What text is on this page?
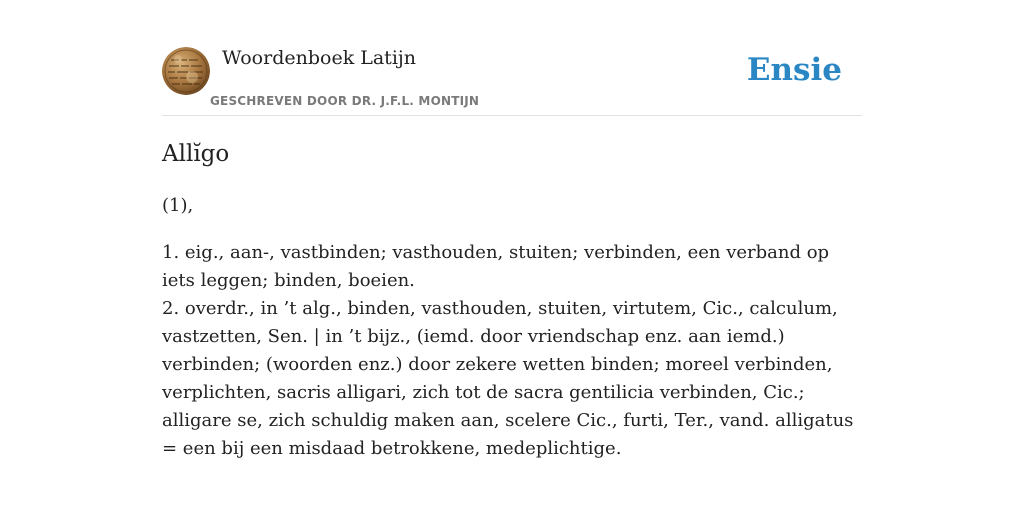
Woordenboek Latijn
GESCHREVEN DOOR DR. J.F.L. MONTIJN
Ensie
Allĭgo
(1),

1. eig., aan-, vastbinden; vasthouden, stuiten; verbinden, een verband op iets leggen; binden, boeien.

2. overdr., in ’t alg., binden, vasthouden, stuiten, virtutem, Cic., calculum, vastzetten, Sen. | in ’t bijz., (iemd. door vriendschap enz. aan iemd.) verbinden; (woorden enz.) door zekere wetten binden; moreel verbinden, verplichten, sacris alligari, zich tot de sacra gentilicia verbinden, Cic.; alligare se, zich schuldig maken aan, scelere Cic., furti, Ter., vand. alligatus = een bij een misdaad betrokkene, medeplichtige.
